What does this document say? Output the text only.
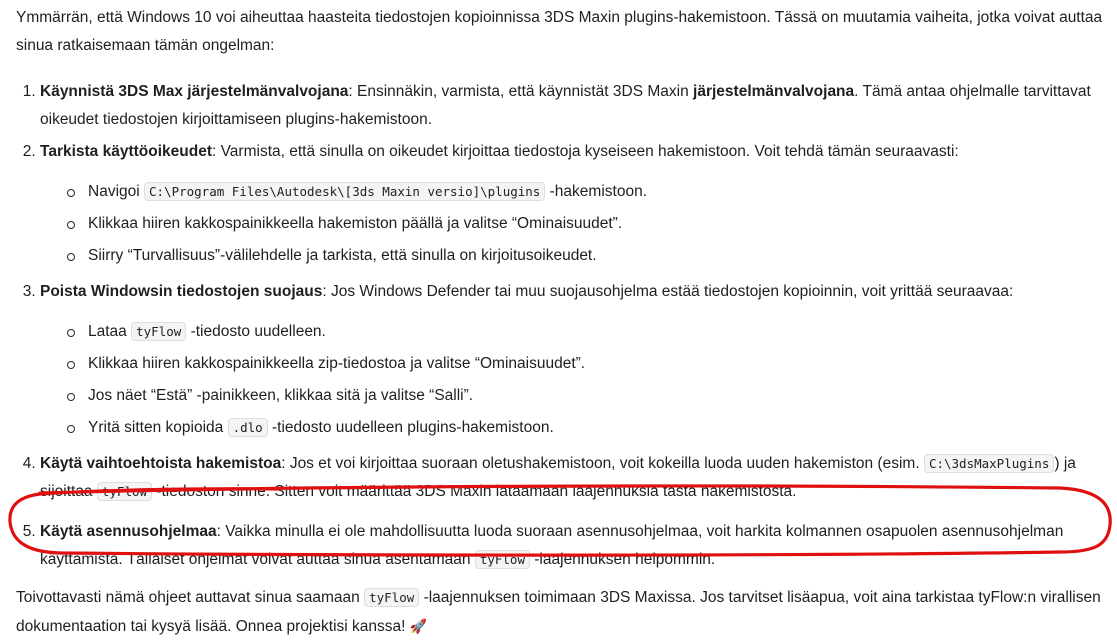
Ymmärrän, että Windows 10 voi aiheuttaa haasteita tiedostojen kopioinnissa 3DS Maxin plugins-hakemistoon. Tässä on muutamia vaiheita, jotka voivat auttaa sinua ratkaisemaan tämän ongelman:

1. Käynnistä 3DS Max järjestelmänvalvojana: Ensinnäkin, varmista, että käynnistät 3DS Maxin järjestelmänvalvojana. Tämä antaa ohjelmalle tarvittavat oikeudet tiedostojen kirjoittamiseen plugins-hakemistoon.
2. Tarkista käyttöoikeudet: Varmista, että sinulla on oikeudet kirjoittaa tiedostoja kyseiseen hakemistoon. Voit tehdä tämän seuraavasti:
Navigoi C:\Program Files\Autodesk\[3ds Maxin versio]\plugins -hakemistoon.
Klikkaa hiiren kakkospainikkeella hakemiston päällä ja valitse “Ominaisuudet”.
Siirry “Turvallisuus”-välilehdelle ja tarkista, että sinulla on kirjoitusoikeudet.
3. Poista Windowsin tiedostojen suojaus: Jos Windows Defender tai muu suojausohjelma estää tiedostojen kopioinnin, voit yrittää seuraavaa:
Lataa tyFlow -tiedosto uudelleen.
Klikkaa hiiren kakkospainikkeella zip-tiedostoa ja valitse “Ominaisuudet”.
Jos näet “Estä” -painikkeen, klikkaa sitä ja valitse “Salli”.
Yritä sitten kopioida .dlo -tiedosto uudelleen plugins-hakemistoon.
4. Käytä vaihtoehtoista hakemistoa: Jos et voi kirjoittaa suoraan oletushakemistoon, voit kokeilla luoda uuden hakemiston (esim. C:\3dsMaxPlugins ) ja sijoittaa tyFlow -tiedoston sinne. Sitten voit määrittää 3DS Maxin lataamaan laajennuksia tästä hakemistosta.
5. Käytä asennusohjelmaa: Vaikka minulla ei ole mahdollisuutta luoda suoraan asennusohjelmaa, voit harkita kolmannen osapuolen asennusohjelman käyttämistä. Tällaiset ohjelmat voivat auttaa sinua asentamaan tyFlow -laajennuksen helpommin.

Toivottavasti nämä ohjeet auttavat sinua saamaan tyFlow -laajennuksen toimimaan 3DS Maxissa. Jos tarvitset lisäapua, voit aina tarkistaa tyFlow:n virallisen dokumentaation tai kysyä lisää. Onnea projektisi kanssa! 🚀
